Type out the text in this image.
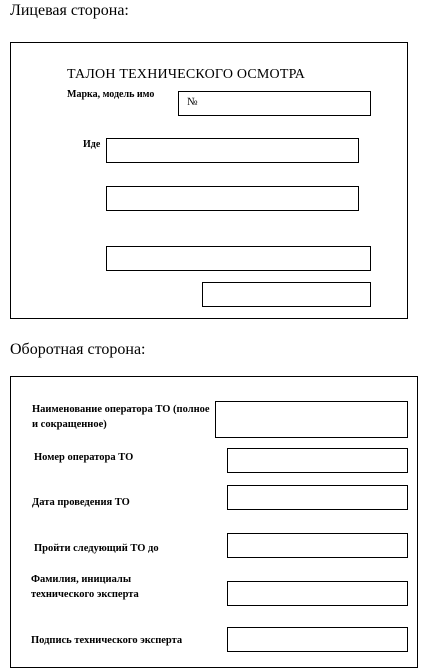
Лицевая сторона:
ТАЛОН ТЕХНИЧЕСКОГО ОСМОТРА
Марка, модель имо
№
Иде
Оборотная сторона:
Наименование оператора ТО (полное и сокращенное)
Номер оператора ТО
Дата проведения ТО
Пройти следующий ТО до
Фамилия, инициалы технического эксперта
Подпись технического эксперта
